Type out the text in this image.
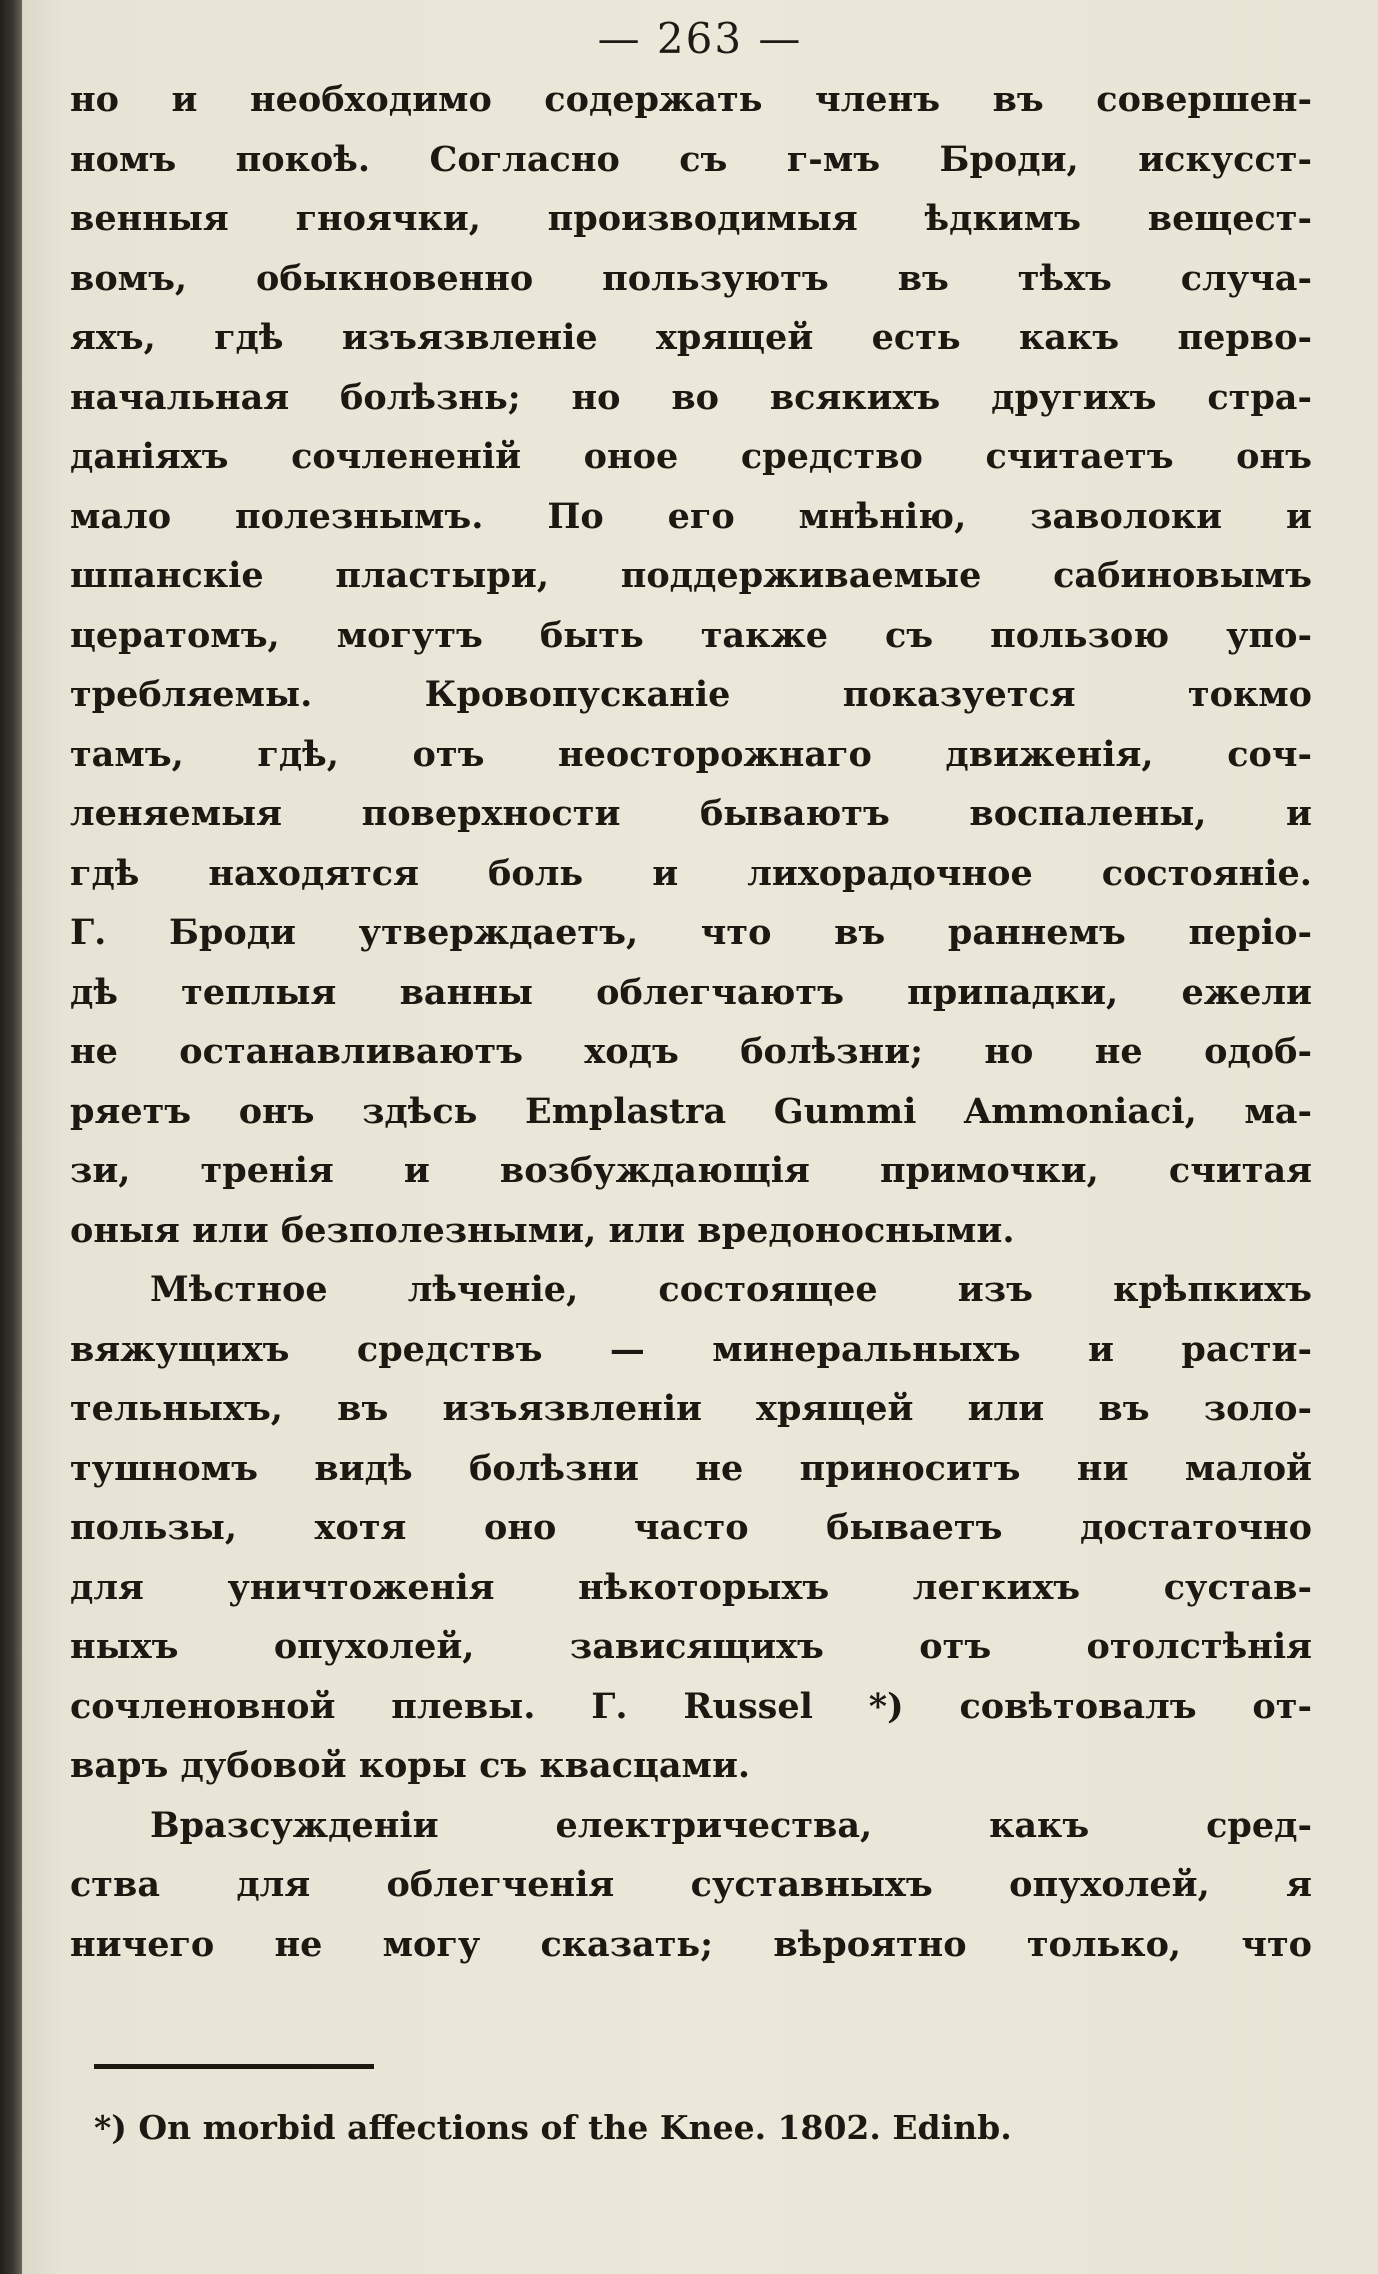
— 263 —
но и необходимо содержать членъ въ совершен-
номъ покоѣ. Согласно съ г-мъ Броди, искусст-
венныя гноячки, производимыя ѣдкимъ вещест-
вомъ, обыкновенно пользуютъ въ тѣхъ случа-
яхъ, гдѣ изъязвленіе хрящей есть какъ перво-
начальная болѣзнь; но во всякихъ другихъ стра-
даніяхъ сочлененій оное средство считаетъ онъ
мало полезнымъ. По его мнѣнію, заволоки и
шпанскіе пластыри, поддерживаемые сабиновымъ
цератомъ, могутъ быть также съ пользою упо-
требляемы. Кровопусканіе показуется токмо
тамъ, гдѣ, отъ неосторожнаго движенія, соч-
леняемыя поверхности бываютъ воспалены, и
гдѣ находятся боль и лихорадочное состояніе.
Г. Броди утверждаетъ, что въ раннемъ періо-
дѣ теплыя ванны облегчаютъ припадки, ежели
не останавливаютъ ходъ болѣзни; но не одоб-
ряетъ онъ здѣсь Emplastra Gummi Ammoniaci, ма-
зи, тренія и возбуждающія примочки, считая
оныя или безполезными, или вредоносными.
Мѣстное лѣченіе, состоящее изъ крѣпкихъ
вяжущихъ средствъ — минеральныхъ и расти-
тельныхъ, въ изъязвленіи хрящей или въ золо-
тушномъ видѣ болѣзни не приноситъ ни малой
пользы, хотя оно часто бываетъ достаточно
для уничтоженія нѣкоторыхъ легкихъ сустав-
ныхъ опухолей, зависящихъ отъ отолстѣнія
сочленовной плевы. Г. Russel *) совѣтовалъ от-
варъ дубовой коры съ квасцами.
Вразсужденіи електричества, какъ сред-
ства для облегченія суставныхъ опухолей, я
ничего не могу сказать; вѣроятно только, что
*) On morbid affections of the Knee. 1802. Edinb.
